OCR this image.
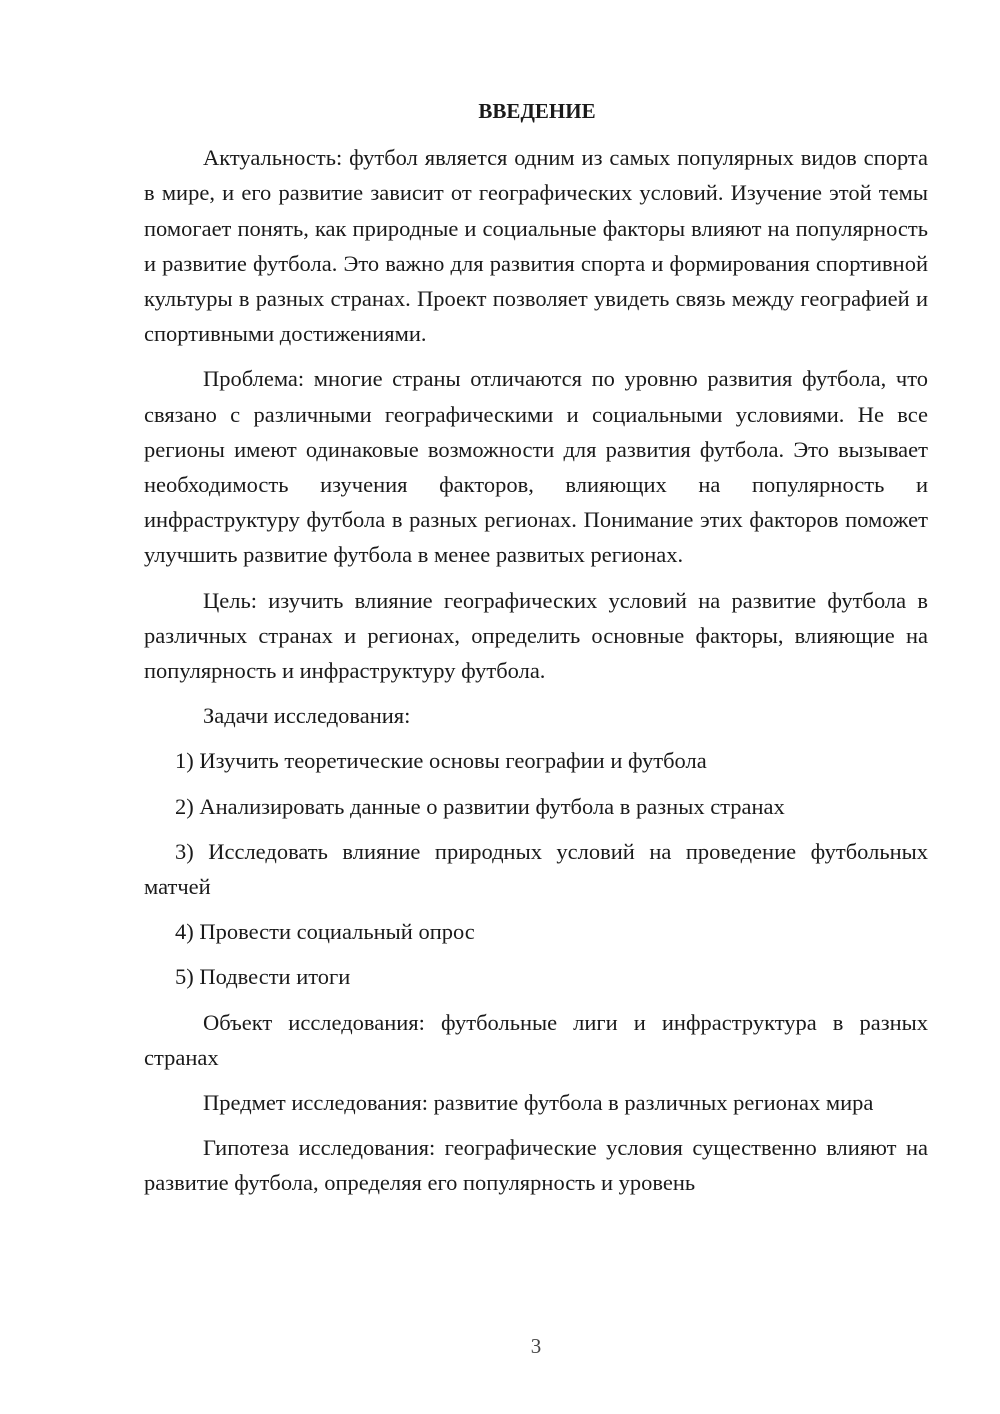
ВВЕДЕНИЕ
Актуальность: футбол является одним из самых популярных видов спорта в мире, и его развитие зависит от географических условий. Изучение этой темы помогает понять, как природные и социальные факторы влияют на популярность и развитие футбола. Это важно для развития спорта и формирования спортивной культуры в разных странах. Проект позволяет увидеть связь между географией и спортивными достижениями.
Проблема: многие страны отличаются по уровню развития футбола, что связано с различными географическими и социальными условиями. Не все регионы имеют одинаковые возможности для развития футбола. Это вызывает необходимость изучения факторов, влияющих на популярность и инфраструктуру футбола в разных регионах. Понимание этих факторов поможет улучшить развитие футбола в менее развитых регионах.
Цель: изучить влияние географических условий на развитие футбола в различных странах и регионах, определить основные факторы, влияющие на популярность и инфраструктуру футбола.
Задачи исследования:
1) Изучить теоретические основы географии и футбола
2) Анализировать данные о развитии футбола в разных странах
3) Исследовать влияние природных условий на проведение футбольных матчей
4) Провести социальный опрос
5) Подвести итоги
Объект исследования: футбольные лиги и инфраструктура в разных странах
Предмет исследования: развитие футбола в различных регионах мира
Гипотеза исследования: географические условия существенно влияют на развитие футбола, определяя его популярность и уровень
3
